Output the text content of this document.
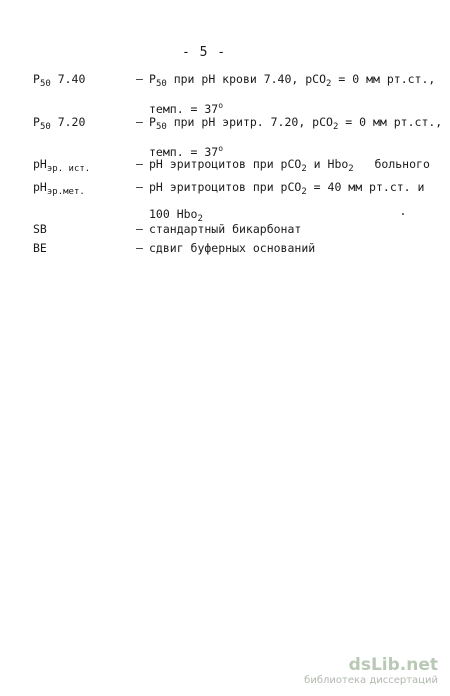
- 5 -
$P_{50}$ 7.40	– $P_{50}$ при pH крови 7.40, pCO$_2$ = 0 мм рт.ст.,
темп. = $37^o$
$P_{50}$ 7.20	– $P_{50}$ при pH эритр. 7.20, pCO$_2$ = 0 мм рт.ст.,
темп. = $37^o$
$pH_{эр. ист.}$	– pH эритроцитов при pCO$_2$ и Hbo$_2$   больного
$pH_{эр.мет.}$	– pH эритроцитов при pCO$_2$ = 40 мм рт.ст. и
100 Hbo$_2$
SB	– стандартный бикарбонат
BE	– сдвиг буферных оснований
dsLib.net
библиотека диссертаций
